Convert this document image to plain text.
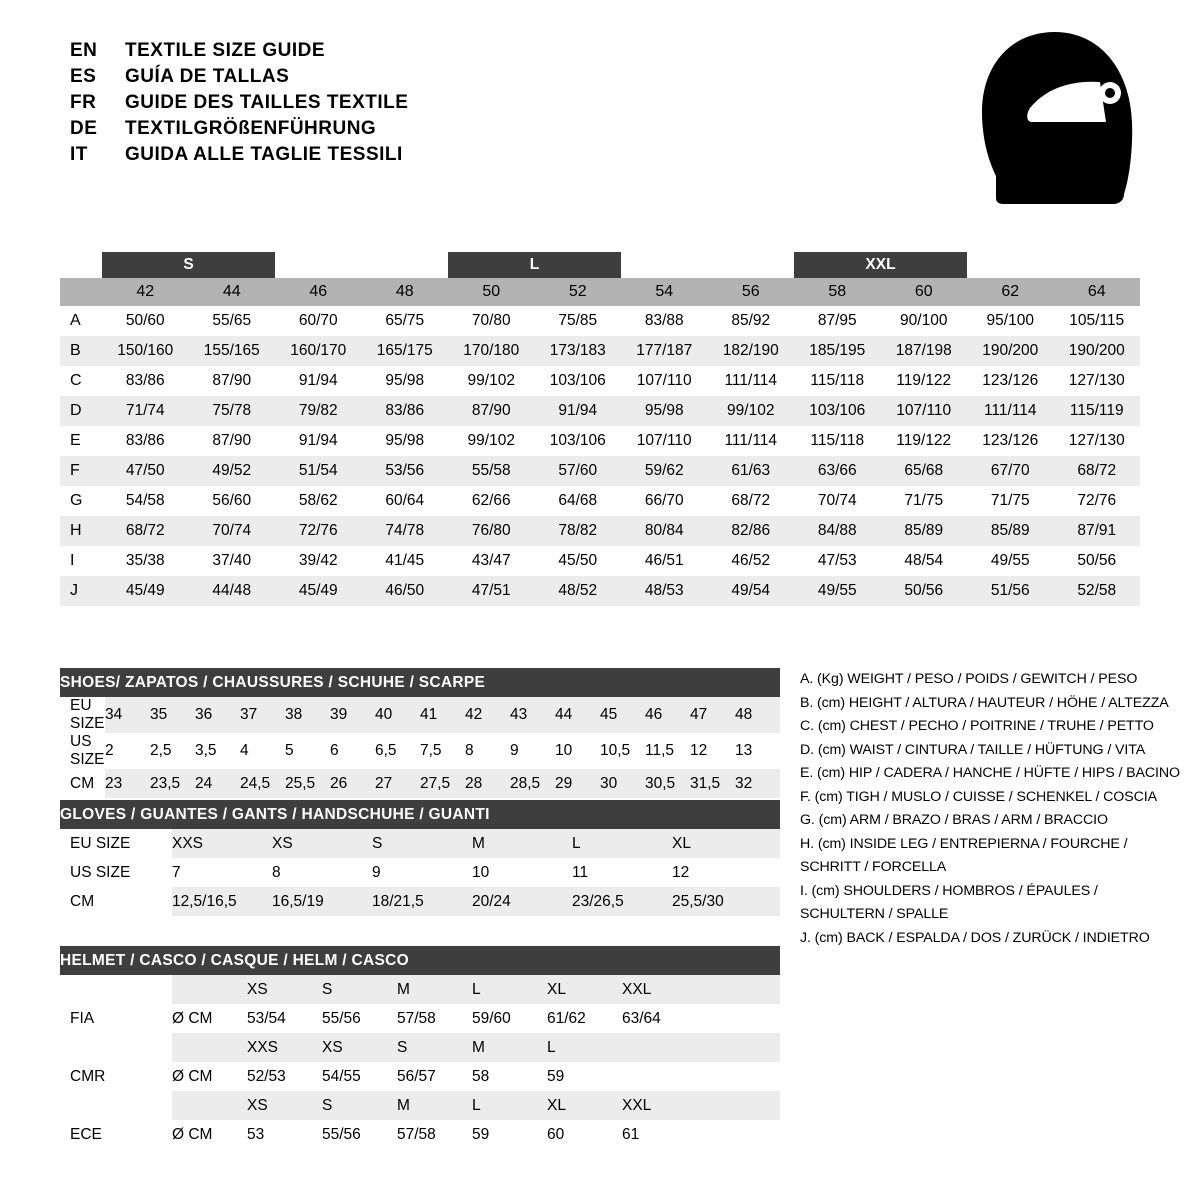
EN	TEXTILE SIZE GUIDE
ES	GUÍA DE TALLAS
FR	GUIDE DES TAILLES TEXTILE
DE	TEXTILGRÖßENFÜHRUNG
IT	GUIDA ALLE TAGLIE TESSILI
	S		M		L		XL		XXL			
	42	44	46	48	50	52	54	56	58	60	62	64
A	50/60	55/65	60/70	65/75	70/80	75/85	83/88	85/92	87/95	90/100	95/100	105/115
B	150/160	155/165	160/170	165/175	170/180	173/183	177/187	182/190	185/195	187/198	190/200	190/200
C	83/86	87/90	91/94	95/98	99/102	103/106	107/110	111/114	115/118	119/122	123/126	127/130
D	71/74	75/78	79/82	83/86	87/90	91/94	95/98	99/102	103/106	107/110	111/114	115/119
E	83/86	87/90	91/94	95/98	99/102	103/106	107/110	111/114	115/118	119/122	123/126	127/130
F	47/50	49/52	51/54	53/56	55/58	57/60	59/62	61/63	63/66	65/68	67/70	68/72
G	54/58	56/60	58/62	60/64	62/66	64/68	66/70	68/72	70/74	71/75	71/75	72/76
H	68/72	70/74	72/76	74/78	76/80	78/82	80/84	82/86	84/88	85/89	85/89	87/91
I	35/38	37/40	39/42	41/45	43/47	45/50	46/51	46/52	47/53	48/54	49/55	50/56
J	45/49	44/48	45/49	46/50	47/51	48/52	48/53	49/54	49/55	50/56	51/56	52/58
SHOES/ ZAPATOS / CHAUSSURES / SCHUHE / SCARPE															
EU SIZE	34	35	36	37	38	39	40	41	42	43	44	45	46	47	48
US SIZE	2	2,5	3,5	4	5	6	6,5	7,5	8	9	10	10,5	11,5	12	13
CM	23	23,5	24	24,5	25,5	26	27	27,5	28	28,5	29	30	30,5	31,5	32
GLOVES / GUANTES / GANTS / HANDSCHUHE / GUANTI						
EU SIZE	XXS	XS	S	M	L	XL
US SIZE	7	8	9	10	11	12
CM	12,5/16,5	16,5/19	18/21,5	20/24	23/26,5	25,5/30
HELMET / CASCO / CASQUE / HELM / CASCO							
		XS	S	M	L	XL	XXL
FIA	Ø CM	53/54	55/56	57/58	59/60	61/62	63/64
		XXS	XS	S	M	L	
CMR	Ø CM	52/53	54/55	56/57	58	59	
		XS	S	M	L	XL	XXL
ECE	Ø CM	53	55/56	57/58	59	60	61
A. (Kg) WEIGHT / PESO / POIDS / GEWITCH / PESO
B. (cm) HEIGHT / ALTURA / HAUTEUR / HÖHE / ALTEZZA
C. (cm) CHEST / PECHO / POITRINE / TRUHE / PETTO
D. (cm) WAIST / CINTURA / TAILLE / HÜFTUNG / VITA
E. (cm) HIP / CADERA / HANCHE / HÜFTE / HIPS / BACINO
F. (cm) TIGH / MUSLO / CUISSE / SCHENKEL / COSCIA
G. (cm) ARM / BRAZO / BRAS / ARM / BRACCIO
H. (cm) INSIDE LEG / ENTREPIERNA / FOURCHE /
SCHRITT / FORCELLA
I. (cm) SHOULDERS / HOMBROS / ÉPAULES /
SCHULTERN / SPALLE
J. (cm) BACK / ESPALDA / DOS / ZURÜCK / INDIETRO
